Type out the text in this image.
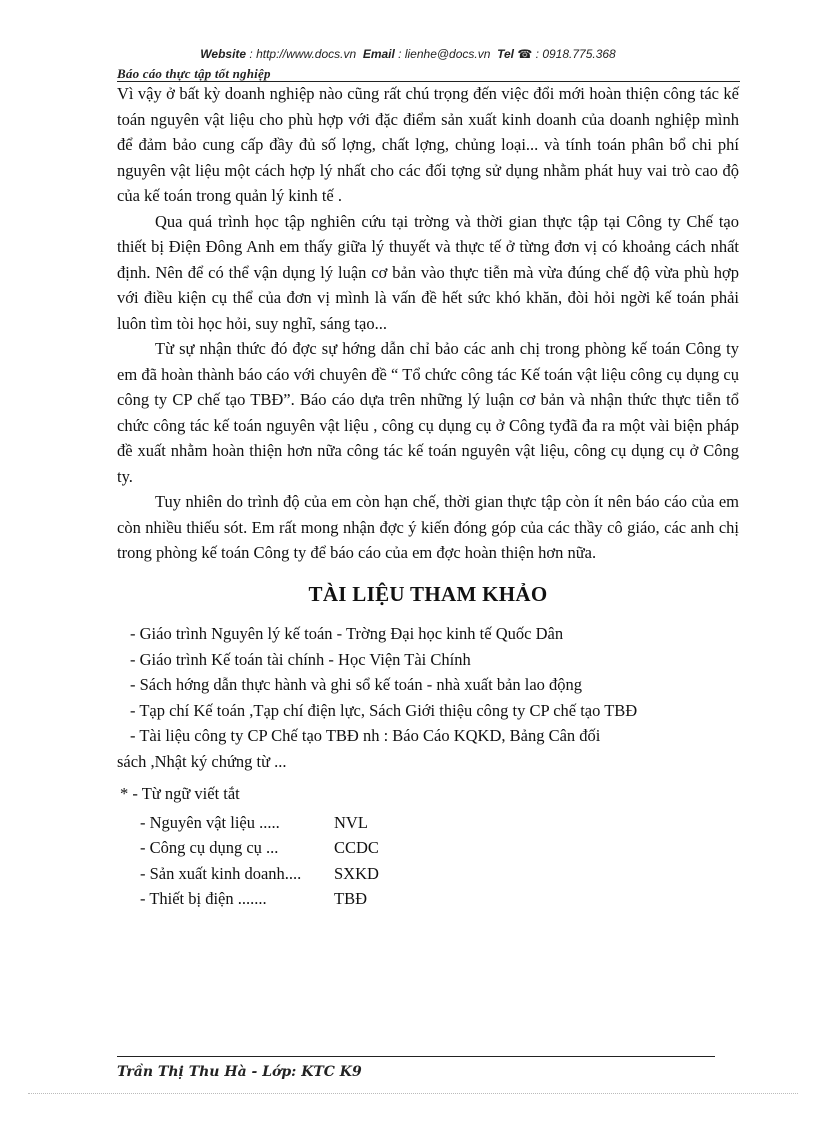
Website : http://www.docs.vn Email : lienhe@docs.vn Tel ☎ : 0918.775.368
Báo cáo thực tập tốt nghiệp

Vì vậy ở bất kỳ doanh nghiệp nào cũng rất chú trọng đến việc đổi mới hoàn thiện công tác kế toán nguyên vật liệu cho phù hợp với đặc điểm sản xuất kinh doanh của doanh nghiệp mình để đảm bảo cung cấp đầy đủ số lợng, chất lợng, chủng loại... và tính toán phân bổ chi phí nguyên vật liệu một cách hợp lý nhất cho các đối tợng sử dụng nhằm phát huy vai trò cao độ của kế toán trong quản lý kinh tế .

Qua quá trình học tập nghiên cứu tại trờng và thời gian thực tập tại Công ty Chế tạo thiết bị Điện Đông Anh em thấy giữa lý thuyết và thực tế ở từng đơn vị có khoảng cách nhất định. Nên để có thể vận dụng lý luận cơ bản vào thực tiễn mà vừa đúng chế độ vừa phù hợp với điều kiện cụ thể của đơn vị mình là vấn đề hết sức khó khăn, đòi hỏi ngời kế toán phải luôn tìm tòi học hỏi, suy nghĩ, sáng tạo...

Từ sự nhận thức đó đợc sự hớng dẫn chỉ bảo các anh chị trong phòng kế toán Công ty em đã hoàn thành báo cáo với chuyên đề “ Tổ chức công tác Kế toán vật liệu công cụ dụng cụ công ty CP chế tạo TBĐ”. Báo cáo dựa trên những lý luận cơ bản và nhận thức thực tiễn tổ chức công tác kế toán nguyên vật liệu , công cụ dụng cụ ở Công tyđã đa ra một vài biện pháp đề xuất nhằm hoàn thiện hơn nữa công tác kế toán nguyên vật liệu, công cụ dụng cụ ở Công ty.

Tuy nhiên do trình độ của em còn hạn chế, thời gian thực tập còn ít nên báo cáo của em còn nhiều thiếu sót. Em rất mong nhận đợc ý kiến đóng góp của các thầy cô giáo, các anh chị trong phòng kế toán Công ty để báo cáo của em đợc hoàn thiện hơn nữa.

TÀI LIỆU THAM KHẢO
- Giáo trình Nguyên lý kế toán - Trờng Đại học kinh tế Quốc Dân
- Giáo trình Kế toán tài chính - Học Viện Tài Chính
- Sách hớng dẫn thực hành và ghi sổ kế toán - nhà xuất bản lao động
- Tạp chí Kế toán ,Tạp chí điện lực, Sách Giới thiệu công ty CP chế tạo TBĐ
- Tài liệu công ty CP Chế tạo TBĐ nh : Báo Cáo KQKD, Bảng Cân đối
sách ,Nhật ký chứng từ ...

* - Từ ngữ viết tắt

- Nguyên vật liệu .....	NVL
- Công cụ dụng cụ ...	CCDC
- Sản xuất kinh doanh....	SXKD
- Thiết bị điện .......	TBĐ
Trần Thị Thu Hà - Lớp: KTC K9
